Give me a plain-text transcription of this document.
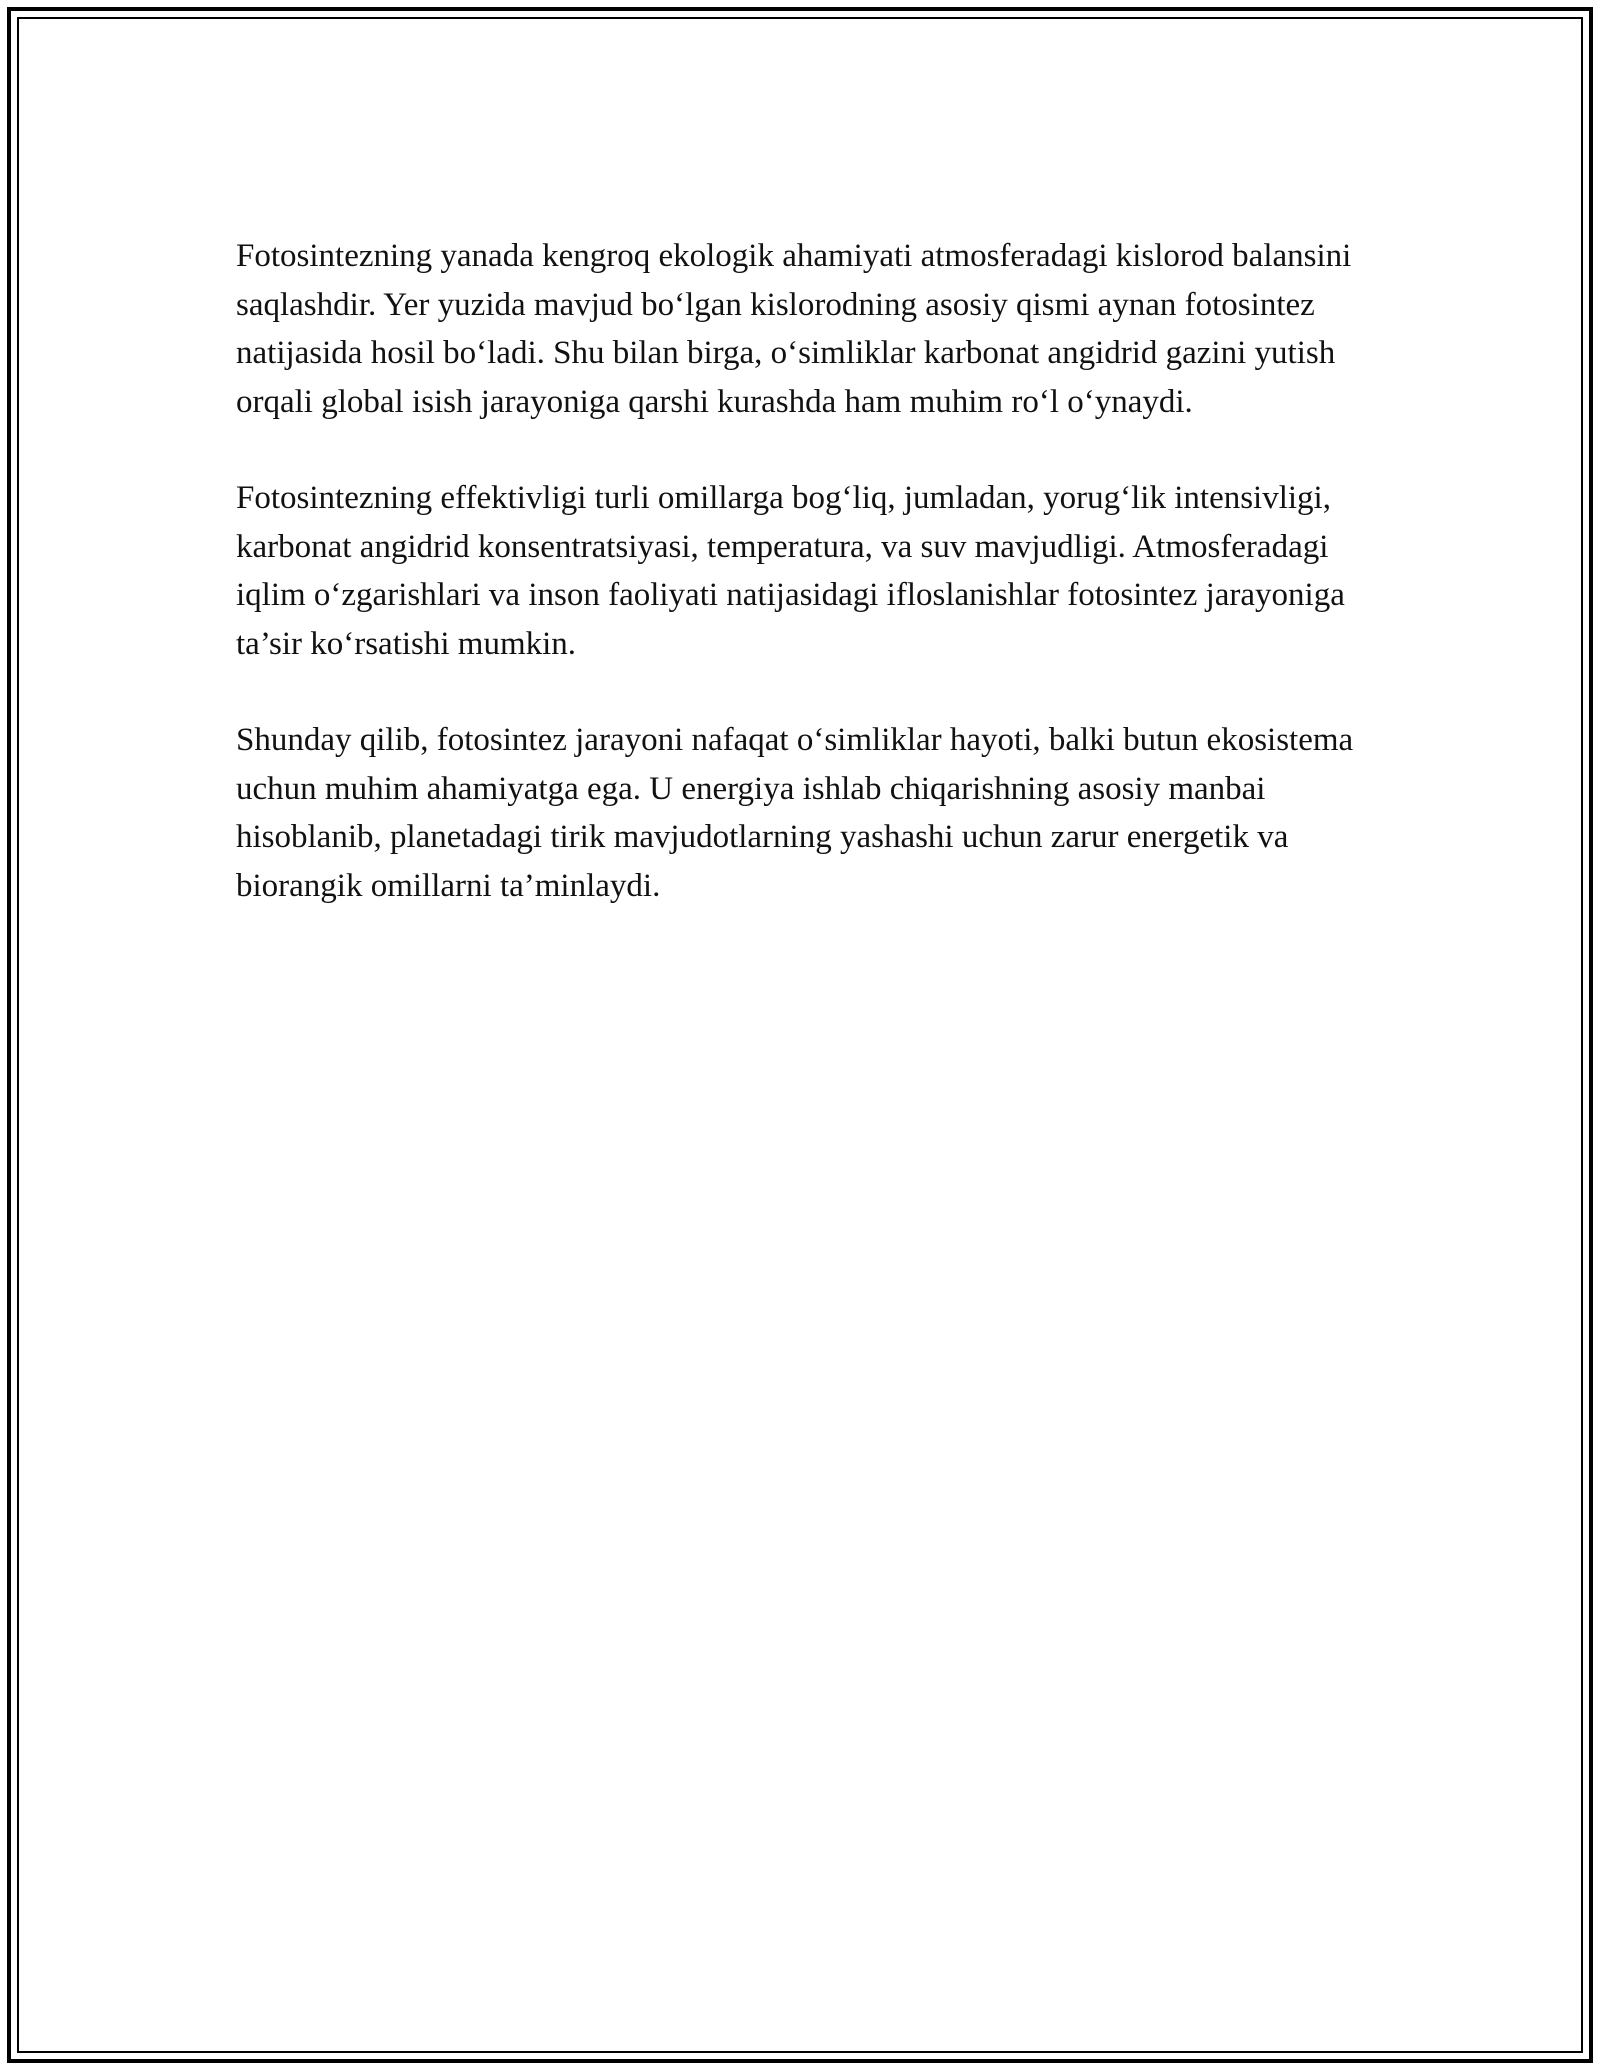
Fotosintezning yanada kengroq ekologik ahamiyati atmosferadagi kislorod balansini saqlashdir. Yer yuzida mavjud bo‘lgan kislorodning asosiy qismi aynan fotosintez natijasida hosil bo‘ladi. Shu bilan birga, o‘simliklar karbonat angidrid gazini yutish orqali global isish jarayoniga qarshi kurashda ham muhim ro‘l o‘ynaydi.

Fotosintezning effektivligi turli omillarga bog‘liq, jumladan, yorug‘lik intensivligi, karbonat angidrid konsentratsiyasi, temperatura, va suv mavjudligi. Atmosferadagi iqlim o‘zgarishlari va inson faoliyati natijasidagi ifloslanishlar fotosintez jarayoniga ta’sir ko‘rsatishi mumkin.

Shunday qilib, fotosintez jarayoni nafaqat o‘simliklar hayoti, balki butun ekosistema uchun muhim ahamiyatga ega. U energiya ishlab chiqarishning asosiy manbai hisoblanib, planetadagi tirik mavjudotlarning yashashi uchun zarur energetik va biorangik omillarni ta’minlaydi.
